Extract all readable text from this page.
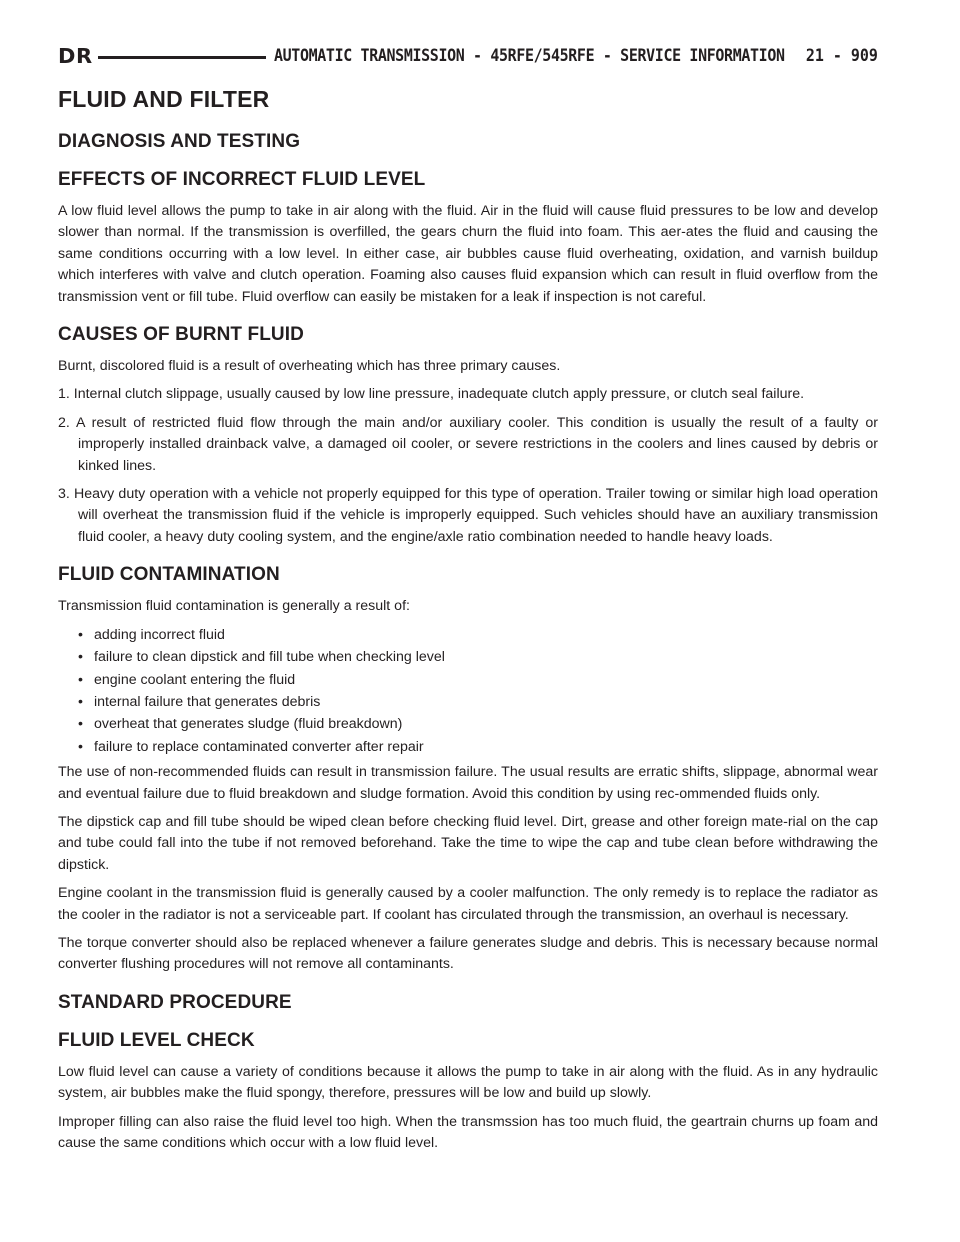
DR	AUTOMATIC TRANSMISSION - 45RFE/545RFE - SERVICE INFORMATION 21 - 909
FLUID AND FILTER
DIAGNOSIS AND TESTING
EFFECTS OF INCORRECT FLUID LEVEL

A low fluid level allows the pump to take in air along with the fluid. Air in the fluid will cause fluid pressures to be low and develop slower than normal. If the transmission is overfilled, the gears churn the fluid into foam. This aer-ates the fluid and causing the same conditions occurring with a low level. In either case, air bubbles cause fluid overheating, oxidation, and varnish buildup which interferes with valve and clutch operation. Foaming also causes fluid expansion which can result in fluid overflow from the transmission vent or fill tube. Fluid overflow can easily be mistaken for a leak if inspection is not careful.

CAUSES OF BURNT FLUID

Burnt, discolored fluid is a result of overheating which has three primary causes.

1. Internal clutch slippage, usually caused by low line pressure, inadequate clutch apply pressure, or clutch seal failure.
2. A result of restricted fluid flow through the main and/or auxiliary cooler. This condition is usually the result of a faulty or improperly installed drainback valve, a damaged oil cooler, or severe restrictions in the coolers and lines caused by debris or kinked lines.
3. Heavy duty operation with a vehicle not properly equipped for this type of operation. Trailer towing or similar high load operation will overheat the transmission fluid if the vehicle is improperly equipped. Such vehicles should have an auxiliary transmission fluid cooler, a heavy duty cooling system, and the engine/axle ratio combination needed to handle heavy loads.
FLUID CONTAMINATION

Transmission fluid contamination is generally a result of:

• adding incorrect fluid
• failure to clean dipstick and fill tube when checking level
• engine coolant entering the fluid
• internal failure that generates debris
• overheat that generates sludge (fluid breakdown)
• failure to replace contaminated converter after repair

The use of non-recommended fluids can result in transmission failure. The usual results are erratic shifts, slippage, abnormal wear and eventual failure due to fluid breakdown and sludge formation. Avoid this condition by using rec-ommended fluids only.

The dipstick cap and fill tube should be wiped clean before checking fluid level. Dirt, grease and other foreign mate-rial on the cap and tube could fall into the tube if not removed beforehand. Take the time to wipe the cap and tube clean before withdrawing the dipstick.

Engine coolant in the transmission fluid is generally caused by a cooler malfunction. The only remedy is to replace the radiator as the cooler in the radiator is not a serviceable part. If coolant has circulated through the transmission, an overhaul is necessary.

The torque converter should also be replaced whenever a failure generates sludge and debris. This is necessary because normal converter flushing procedures will not remove all contaminants.

STANDARD PROCEDURE
FLUID LEVEL CHECK

Low fluid level can cause a variety of conditions because it allows the pump to take in air along with the fluid. As in any hydraulic system, air bubbles make the fluid spongy, therefore, pressures will be low and build up slowly.

Improper filling can also raise the fluid level too high. When the transmssion has too much fluid, the geartrain churns up foam and cause the same conditions which occur with a low fluid level.
